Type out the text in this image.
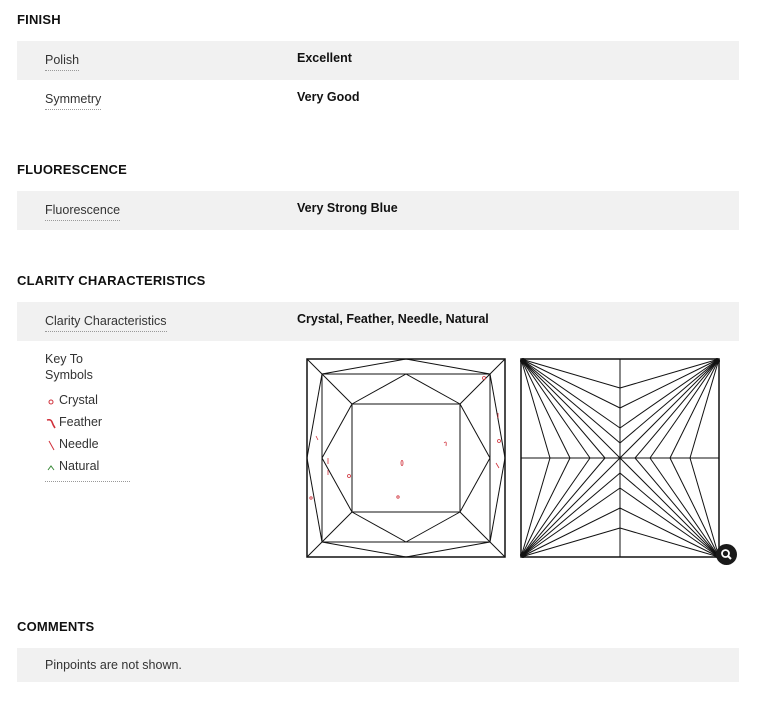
FINISH
Polish	Excellent
Symmetry	Very Good
FLUORESCENCE
Fluorescence	Very Strong Blue
CLARITY CHARACTERISTICS
Clarity Characteristics	Crystal, Feather, Needle, Natural
Key To Symbols
Crystal
Feather
Needle
Natural
COMMENTS
Pinpoints are not shown.
